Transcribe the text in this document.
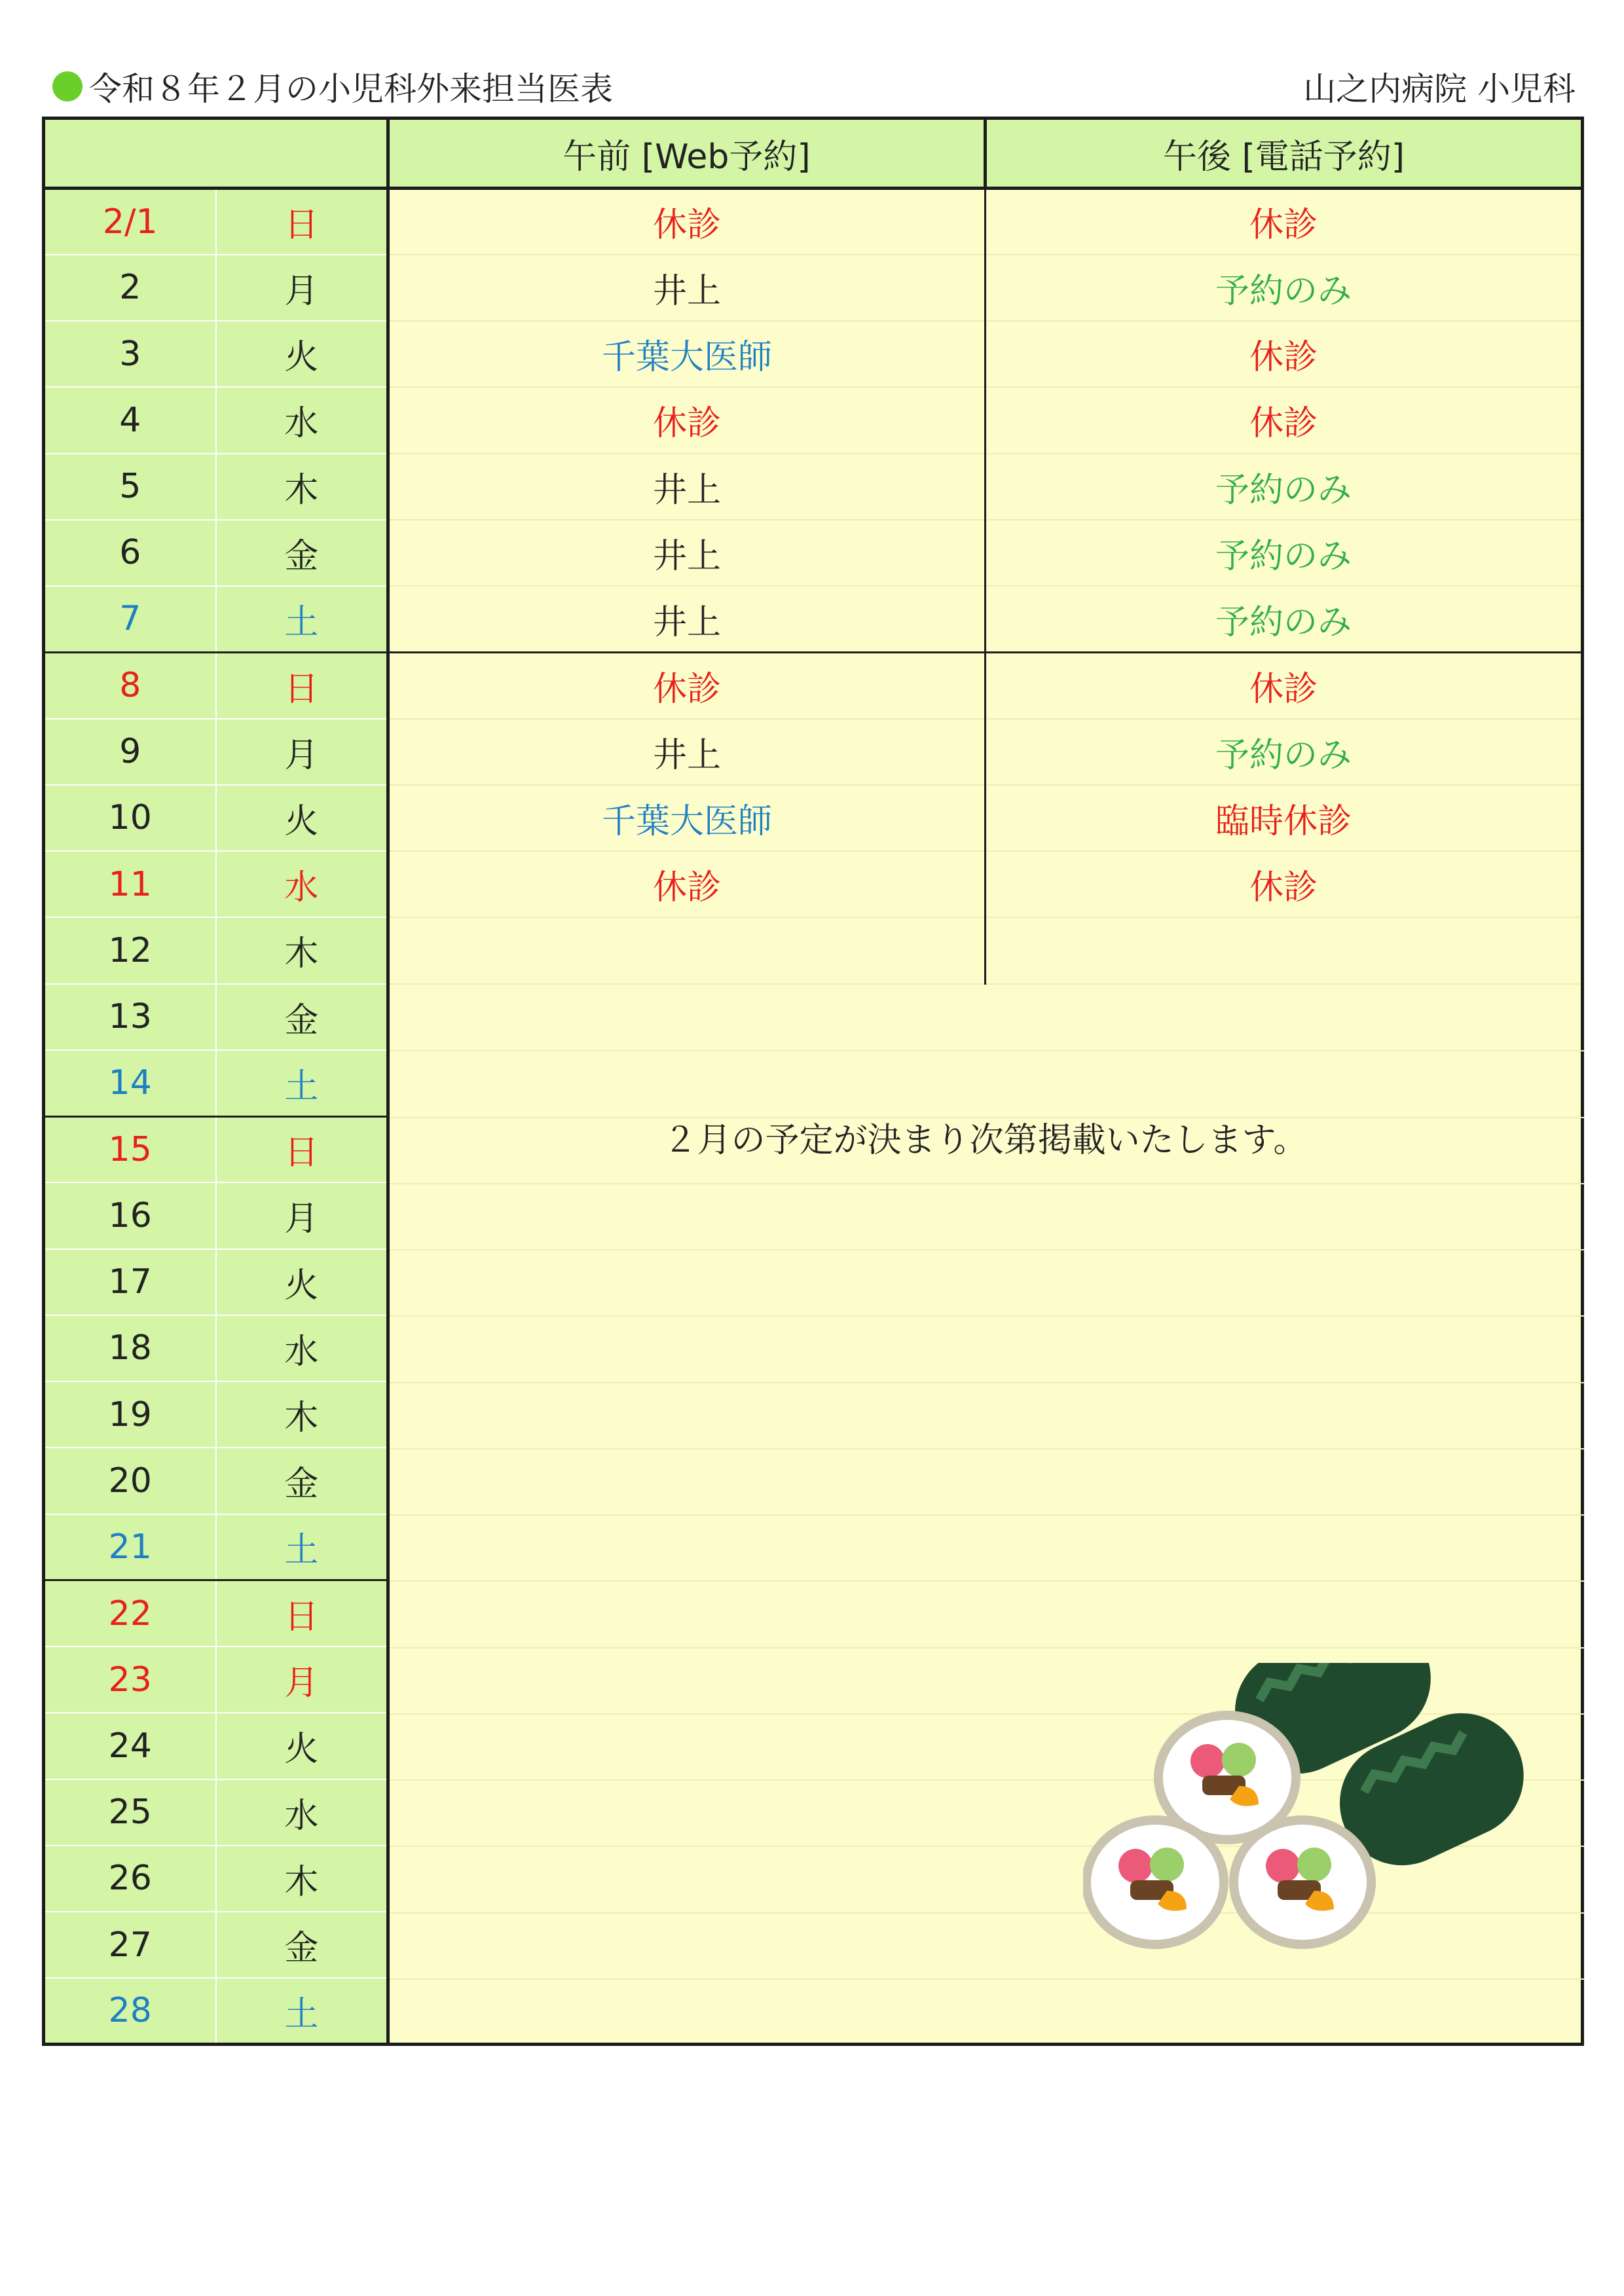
令和８年２月の小児科外来担当医表	山之内病院 小児科
		午前 [Web予約]	午後 [電話予約]
2/1	日	休診	休診
2	月	井上	予約のみ
3	火	千葉大医師	休診
4	水	休診	休診
5	木	井上	予約のみ
6	金	井上	予約のみ
7	土	井上	予約のみ
8	日	休診	休診
9	月	井上	予約のみ
10	火	千葉大医師	臨時休診
11	水	休診	休診
12	木		
13	金	２月の予定が決まり次第掲載いたします。	

14	土		
15	日		
16	月		
17	火		
18	水		
19	木		
20	金		
21	土		
22	日		
23	月		
24	火		
25	水		
26	木		
27	金		
28	土		
